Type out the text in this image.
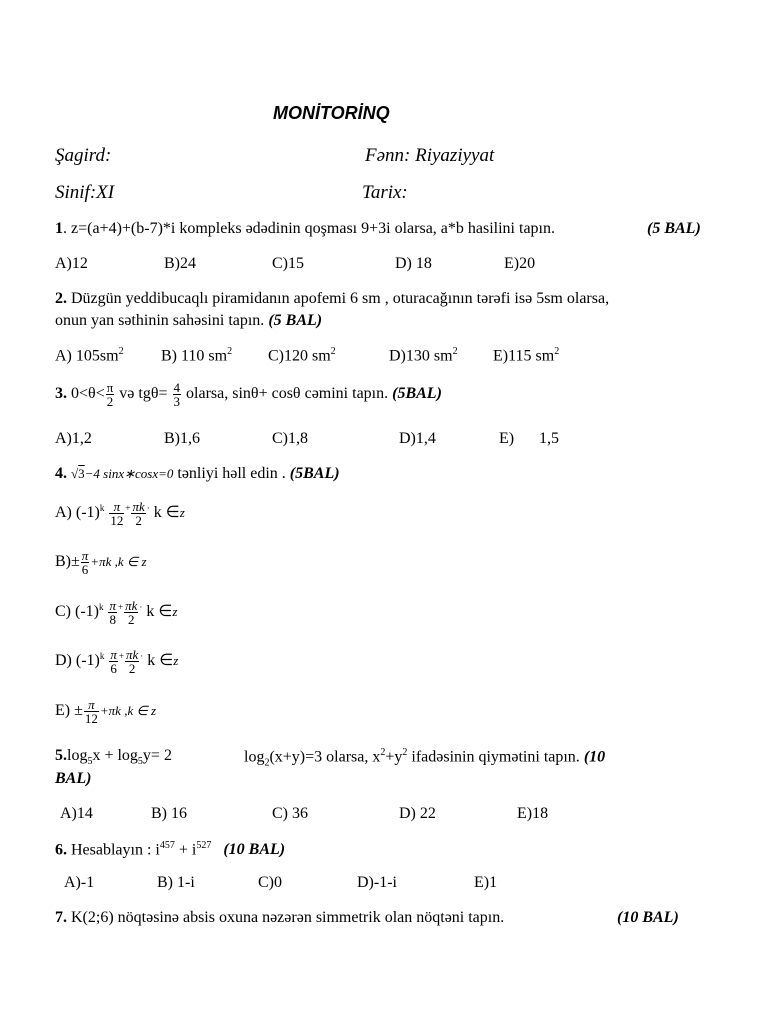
MONİTORİNQ
Şagird:	Fənn: Riyaziyyat
Sinif:XI	Tarix:
1. z=(a+4)+(b-7)*i kompleks ədədinin qoşması 9+3i olarsa, a*b hasilini tapın.	(5 BAL)
A)12	B)24	C)15	D) 18	E)20
2. Düzgün yeddibucaqlı piramidanın apofemi 6 sm , oturacağının tərəfi isə 5sm olarsa,
onun yan səthinin sahəsini tapın. (5 BAL)
A) $105sm^2$ B) 110 $sm^2$ C)120 $sm^2$	D)130 $sm^2$ E)115 $sm^2$
3. $0<\theta< \frac{\pi}{2}$ və $tg\theta= \frac{4}{3}$ olarsa, sinθ+ cosθ cəmini tapın. (5BAL)
A)1,2	B)1,6	C)1,8	D)1,4	E) 1,5
4. √3−4 sinx∗cosx=0 tənliyi həll edin . (5BAL)
A) $(-1)^k \frac{\pi}{12} ^+ \frac{\pi k}{2} ^\cdot$ k ∈z
$B)\pm \frac{\pi}{6} +\pi k$ ,k ∈ z
C) $(-1)^k \frac{\pi}{8} ^+ \frac{\pi k}{2} ^\cdot$ k ∈z
D) $(-1)^k \frac{\pi}{6} ^+ \frac{\pi k}{2} ^\cdot$ k ∈z
$E) \pm \frac{\pi}{12} +\pi k$ ,k ∈ z
$5.\log_5x + \log_5y= 2$	$\log_2(x+y)=3$ olarsa, $x^2+y^2$ ifadəsinin qiymətini tapın. (10
BAL)
A)14	B) 16	C) 36	D) 22	E)18
6. Hesablayın : $i^{457} + i^{527}$ (10 BAL)
A)-1	B) 1-i	C)0	D)-1-i	E)1
7. K(2;6) nöqtəsinə absis oxuna nəzərən simmetrik olan nöqtəni tapın.	(10 BAL)
